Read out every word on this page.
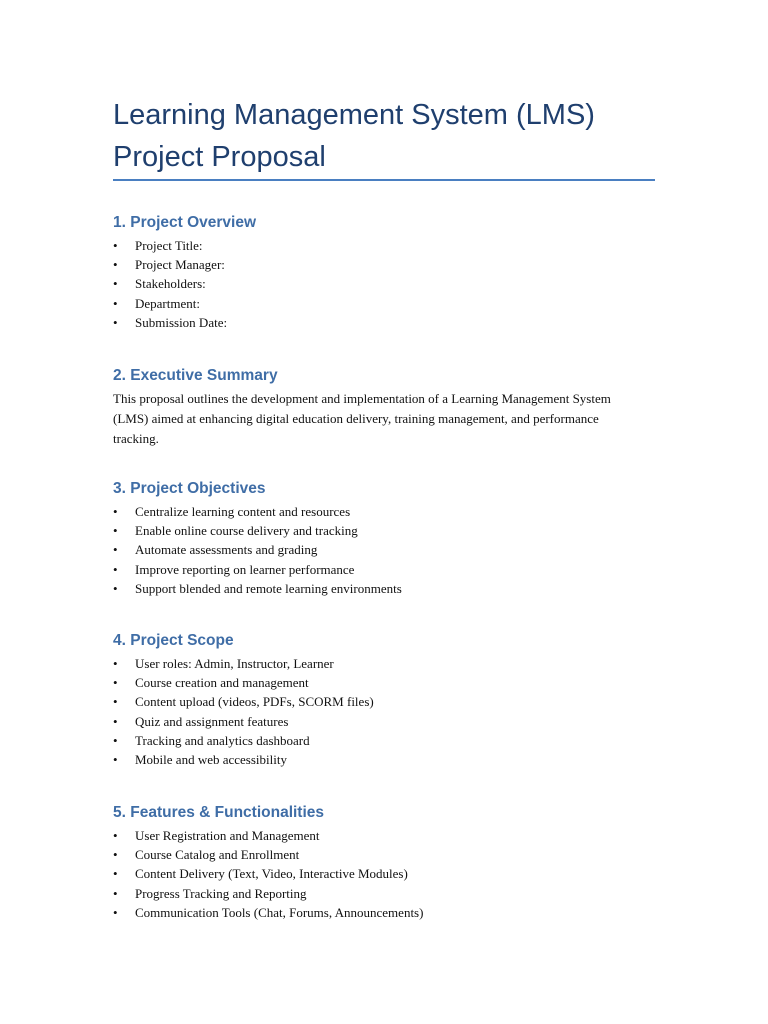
Learning Management System (LMS)
Project Proposal
1. Project Overview
• Project Title:
• Project Manager:
• Stakeholders:
• Department:
• Submission Date:
2. Executive Summary

This proposal outlines the development and implementation of a Learning Management System (LMS) aimed at enhancing digital education delivery, training management, and performance tracking.

3. Project Objectives
• Centralize learning content and resources
• Enable online course delivery and tracking
• Automate assessments and grading
• Improve reporting on learner performance
• Support blended and remote learning environments
4. Project Scope
• User roles: Admin, Instructor, Learner
• Course creation and management
• Content upload (videos, PDFs, SCORM files)
• Quiz and assignment features
• Tracking and analytics dashboard
• Mobile and web accessibility
5. Features & Functionalities
• User Registration and Management
• Course Catalog and Enrollment
• Content Delivery (Text, Video, Interactive Modules)
• Progress Tracking and Reporting
• Communication Tools (Chat, Forums, Announcements)
